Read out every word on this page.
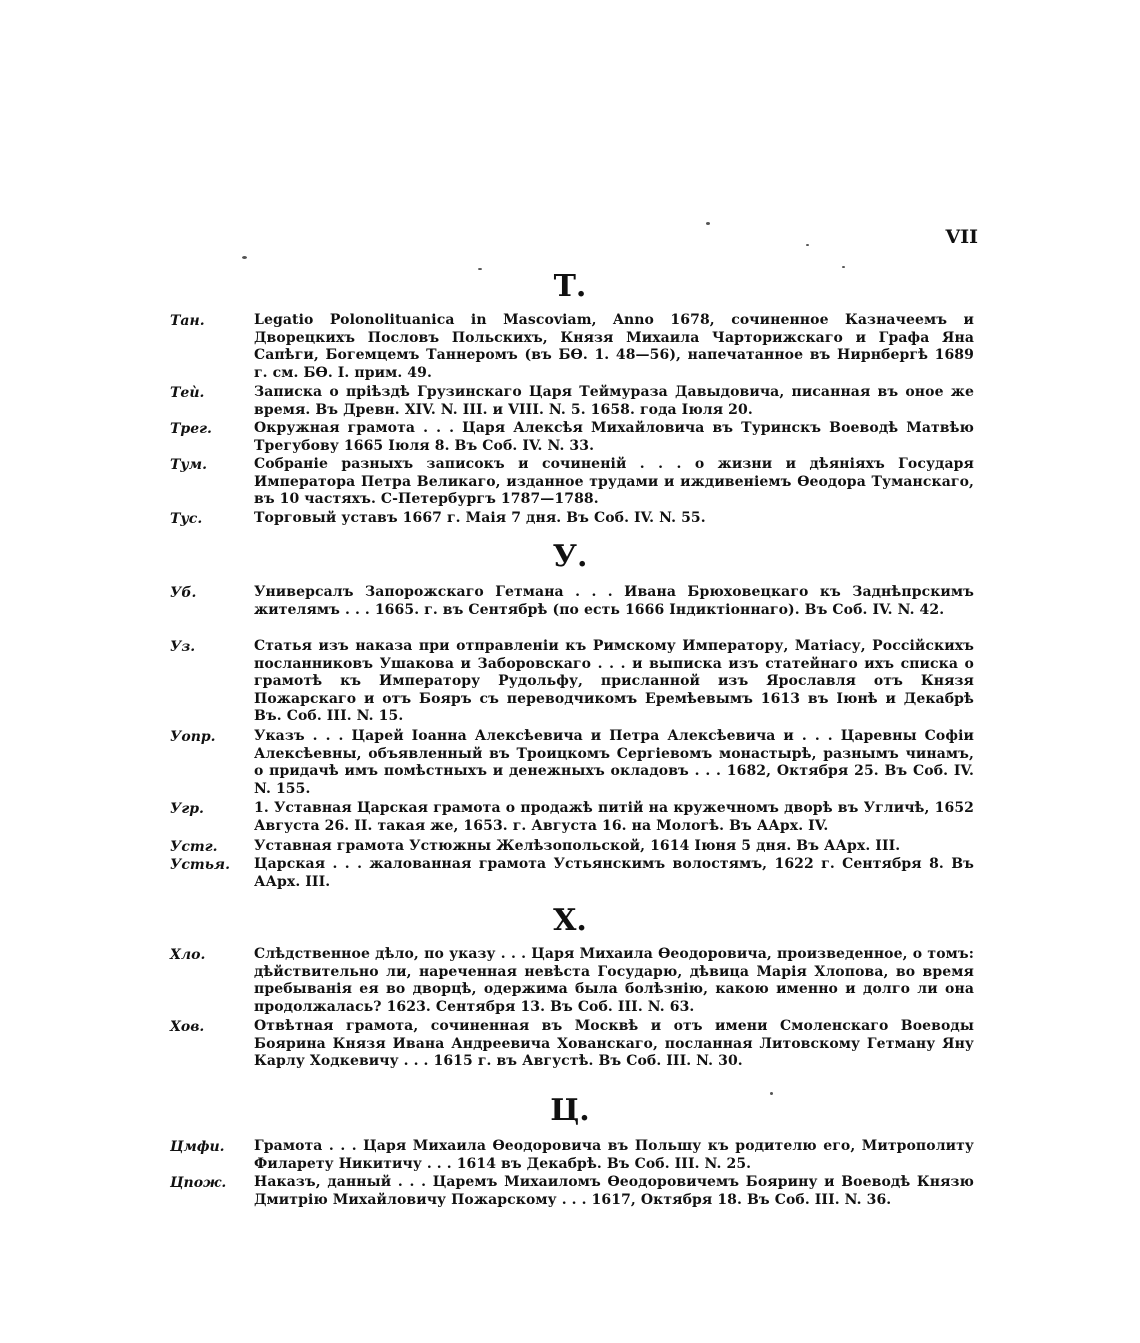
VII
Т.
Тан.	Legatio Polonolituanica in Mascoviam, Anno 1678, сочиненное Казначеемъ и Дворецкихъ Пословъ Польскихъ, Князя Михаила Чарторижскаго и Графа Яна Сапѣги, Богемцемъ Таннеромъ (въ БѲ. 1. 48—56), напечатанное въ Нирнбергѣ 1689 г. см. БѲ. I. прим. 49.
Теѝ.	Записка о пріѣздѣ Грузинскаго Царя Теймураза Давыдовича, писанная въ оное же время. Въ Древн. XIV. N. III. и VIII. N. 5. 1658. года Іюля 20.
Трег.	Окружная грамота . . . Царя Алексѣя Михайловича въ Туринскъ Воеводѣ Матвѣю Трегубову 1665 Іюля 8. Въ Соб. IV. N. 33.
Тум.	Собраніе разныхъ записокъ и сочиненій . . . о жизни и дѣяніяхъ Государя Императора Петра Великаго, изданное трудами и иждивеніемъ Ѳеодора Туманскаго, въ 10 частяхъ. С-Петербургъ 1787—1788.
Тус.	Торговый уставъ 1667 г. Маія 7 дня. Въ Соб. IV. N. 55.
У.
Уб.	Универсалъ Запорожскаго Гетмана . . . Ивана Брюховецкаго къ Заднѣпрскимъ жителямъ . . . 1665. г. въ Сентябрѣ (по есть 1666 Індиктіоннаго). Въ Соб. IV. N. 42.
Уз.	Статья изъ наказа при отправленіи къ Римскому Императору, Матіасу, Россійскихъ посланниковъ Ушакова и Заборовскаго . . . и выписка изъ статейнаго ихъ списка о грамотѣ къ Императору Рудольфу, присланной изъ Ярославля отъ Князя Пожарскаго и отъ Бояръ съ переводчикомъ Еремѣевымъ 1613 въ Іюнѣ и Декабрѣ Въ. Соб. III. N. 15.
Уопр.	Указъ . . . Царей Іоанна Алексѣевича и Петра Алексѣевича и . . . Царевны Софіи Алексѣевны, объявленный въ Троицкомъ Сергіевомъ монастырѣ, разнымъ чинамъ, о придачѣ имъ помѣстныхъ и денежныхъ окладовъ . . . 1682, Октября 25. Въ Соб. IV. N. 155.
Угр.	1. Уставная Царская грамота о продажѣ питій на кружечномъ дворѣ въ Угличѣ, 1652 Августа 26. II. такая же, 1653. г. Августа 16. на Мологѣ. Въ ААрх. IV.
Устг.	Уставная грамота Устюжны Желѣзопольской, 1614 Іюня 5 дня. Въ ААрх. III.
Устья.	Царская . . . жалованная грамота Устьянскимъ волостямъ, 1622 г. Сентября 8. Въ ААрх. III.
Х.
Хло.	Слѣдственное дѣло, по указу . . . Царя Михаила Ѳеодоровича, произведенное, о томъ: дѣйствительно ли, нареченная невѣста Государю, дѣвица Марія Хлопова, во время пребыванія ея во дворцѣ, одержима была болѣзнію, какою именно и долго ли она продолжалась? 1623. Сентября 13. Въ Соб. III. N. 63.
Хов.	Отвѣтная грамота, сочиненная въ Москвѣ и отъ имени Смоленскаго Воеводы Боярина Князя Ивана Андреевича Хованскаго, посланная Литовскому Гетману Яну Карлу Ходкевичу . . . 1615 г. въ Августѣ. Въ Соб. III. N. 30.
Ц.
Цмфи.	Грамота . . . Царя Михаила Ѳеодоровича въ Польшу къ родителю его, Митрополиту Филарету Никитичу . . . 1614 въ Декабрѣ. Въ Соб. III. N. 25.
Цпож.	Наказъ, данный . . . Царемъ Михаиломъ Ѳеодоровичемъ Боярину и Воеводѣ Князю Дмитрію Михайловичу Пожарскому . . . 1617, Октября 18. Въ Соб. III. N. 36.
